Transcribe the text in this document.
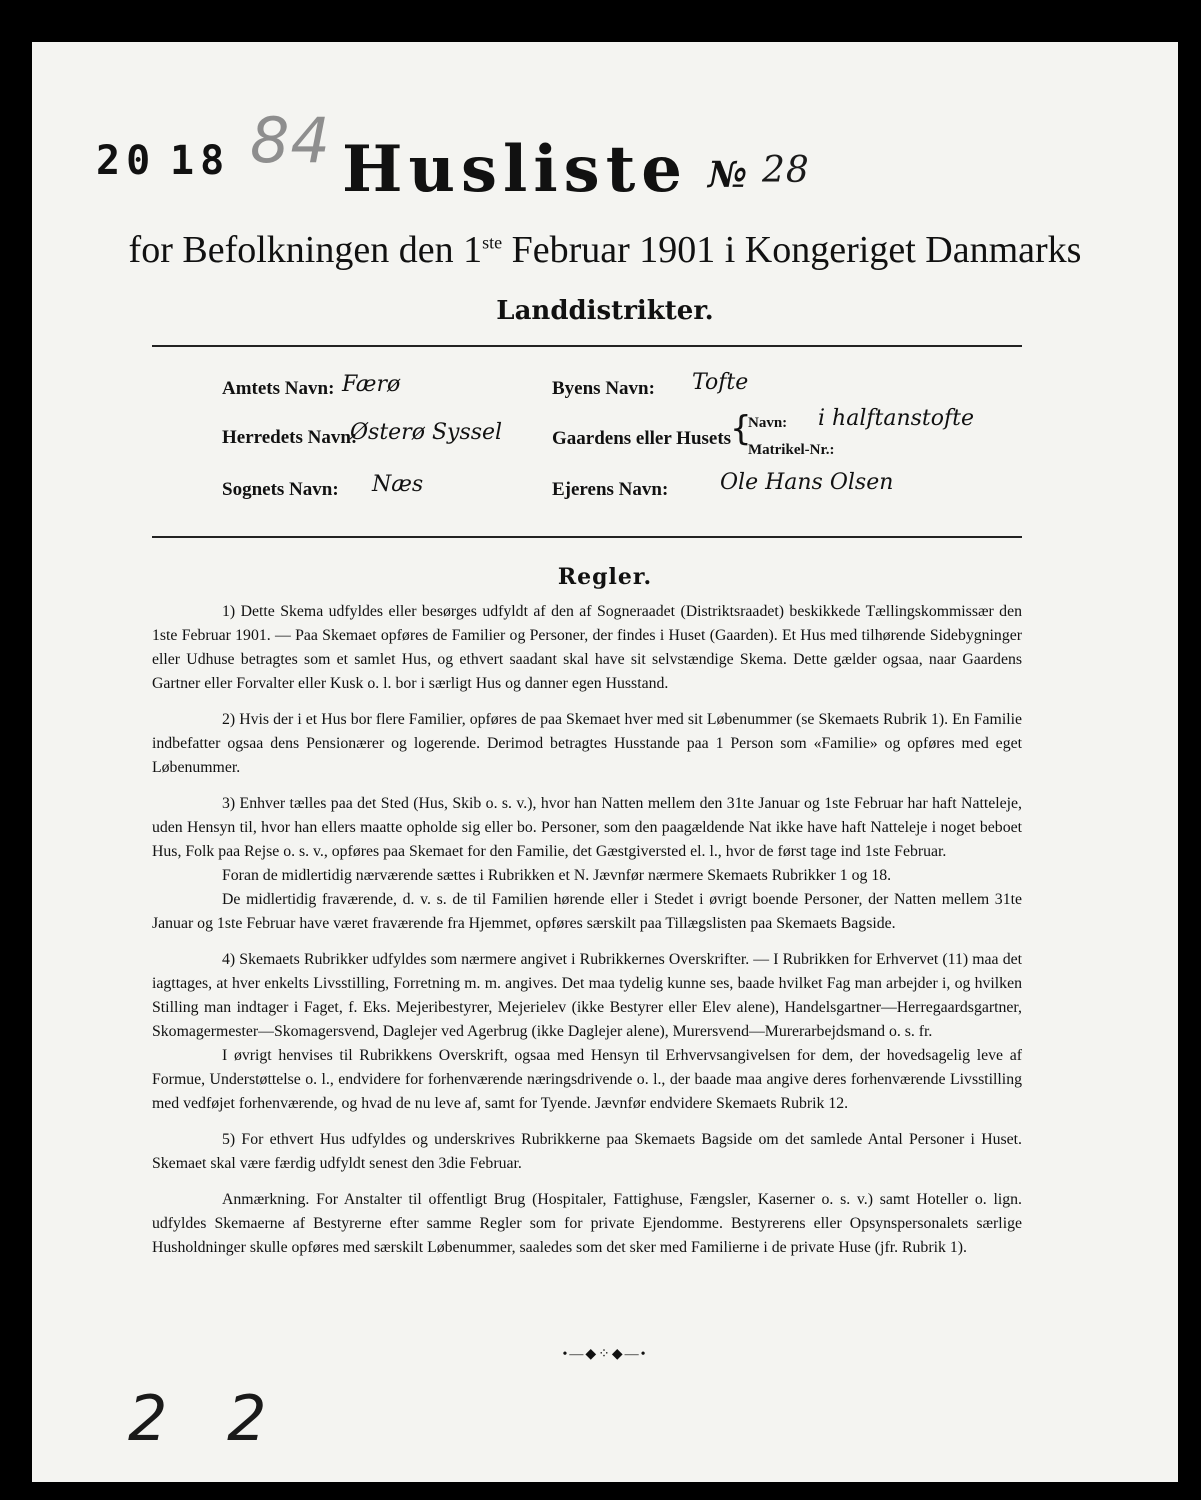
20 18 84 Husliste № 28
for Befolkningen den 1ste Februar 1901 i Kongeriget Danmarks
Landdistrikter.
Amtets Navn: Færø
Herredets Navn:
Østerø Syssel
Sognets Navn: Næs
Byens Navn: Tofte
Gaardens eller Husets
{
Navn: i halftanstofte
Matrikel-Nr.:
Ejerens Navn: Ole Hans Olsen
Regler.

1) Dette Skema udfyldes eller besørges udfyldt af den af Sogneraadet (Distriktsraadet) beskikkede Tællingskommissær den 1ste Februar 1901. — Paa Skemaet opføres de Familier og Personer, der findes i Huset (Gaarden). Et Hus med tilhørende Sidebygninger eller Udhuse betragtes som et samlet Hus, og ethvert saadant skal have sit selvstændige Skema. Dette gælder ogsaa, naar Gaardens Gartner eller Forvalter eller Kusk o. l. bor i særligt Hus og danner egen Husstand.

2) Hvis der i et Hus bor flere Familier, opføres de paa Skemaet hver med sit Løbenummer (se Skemaets Rubrik 1). En Familie indbefatter ogsaa dens Pensionærer og logerende. Derimod betragtes Husstande paa 1 Person som «Familie» og opføres med eget Løbenummer.

3) Enhver tælles paa det Sted (Hus, Skib o. s. v.), hvor han Natten mellem den 31te Januar og 1ste Februar har haft Natteleje, uden Hensyn til, hvor han ellers maatte opholde sig eller bo. Personer, som den paagældende Nat ikke have haft Natteleje i noget beboet Hus, Folk paa Rejse o. s. v., opføres paa Skemaet for den Familie, det Gæstgiversted el. l., hvor de først tage ind 1ste Februar.

Foran de midlertidig nærværende sættes i Rubrikken et N. Jævnfør nærmere Skemaets Rubrikker 1 og 18.

De midlertidig fraværende, d. v. s. de til Familien hørende eller i Stedet i øvrigt boende Personer, der Natten mellem 31te Januar og 1ste Februar have været fraværende fra Hjemmet, opføres særskilt paa Tillægslisten paa Skemaets Bagside.

4) Skemaets Rubrikker udfyldes som nærmere angivet i Rubrikkernes Overskrifter. — I Rubrikken for Erhvervet (11) maa det iagttages, at hver enkelts Livsstilling, Forretning m. m. angives. Det maa tydelig kunne ses, baade hvilket Fag man arbejder i, og hvilken Stilling man indtager i Faget, f. Eks. Mejeribestyrer, Mejerielev (ikke Bestyrer eller Elev alene), Handelsgartner—Herregaardsgartner, Skomagermester—Skomagersvend, Daglejer ved Agerbrug (ikke Daglejer alene), Murersvend—Murerarbejdsmand o. s. fr.

I øvrigt henvises til Rubrikkens Overskrift, ogsaa med Hensyn til Erhvervsangivelsen for dem, der hovedsagelig leve af Formue, Understøttelse o. l., endvidere for forhenværende næringsdrivende o. l., der baade maa angive deres forhenværende Livsstilling med vedføjet forhenværende, og hvad de nu leve af, samt for Tyende. Jævnfør endvidere Skemaets Rubrik 12.

5) For ethvert Hus udfyldes og underskrives Rubrikkerne paa Skemaets Bagside om det samlede Antal Personer i Huset. Skemaet skal være færdig udfyldt senest den 3die Februar.

Anmærkning. For Anstalter til offentligt Brug (Hospitaler, Fattighuse, Fængsler, Kaserner o. s. v.) samt Hoteller o. lign. udfyldes Skemaerne af Bestyrerne efter samme Regler som for private Ejendomme. Bestyrerens eller Opsynspersonalets særlige Husholdninger skulle opføres med særskilt Løbenummer, saaledes som det sker med Familierne i de private Huse (jfr. Rubrik 1).

•—◆⁘◆—•
2 2
